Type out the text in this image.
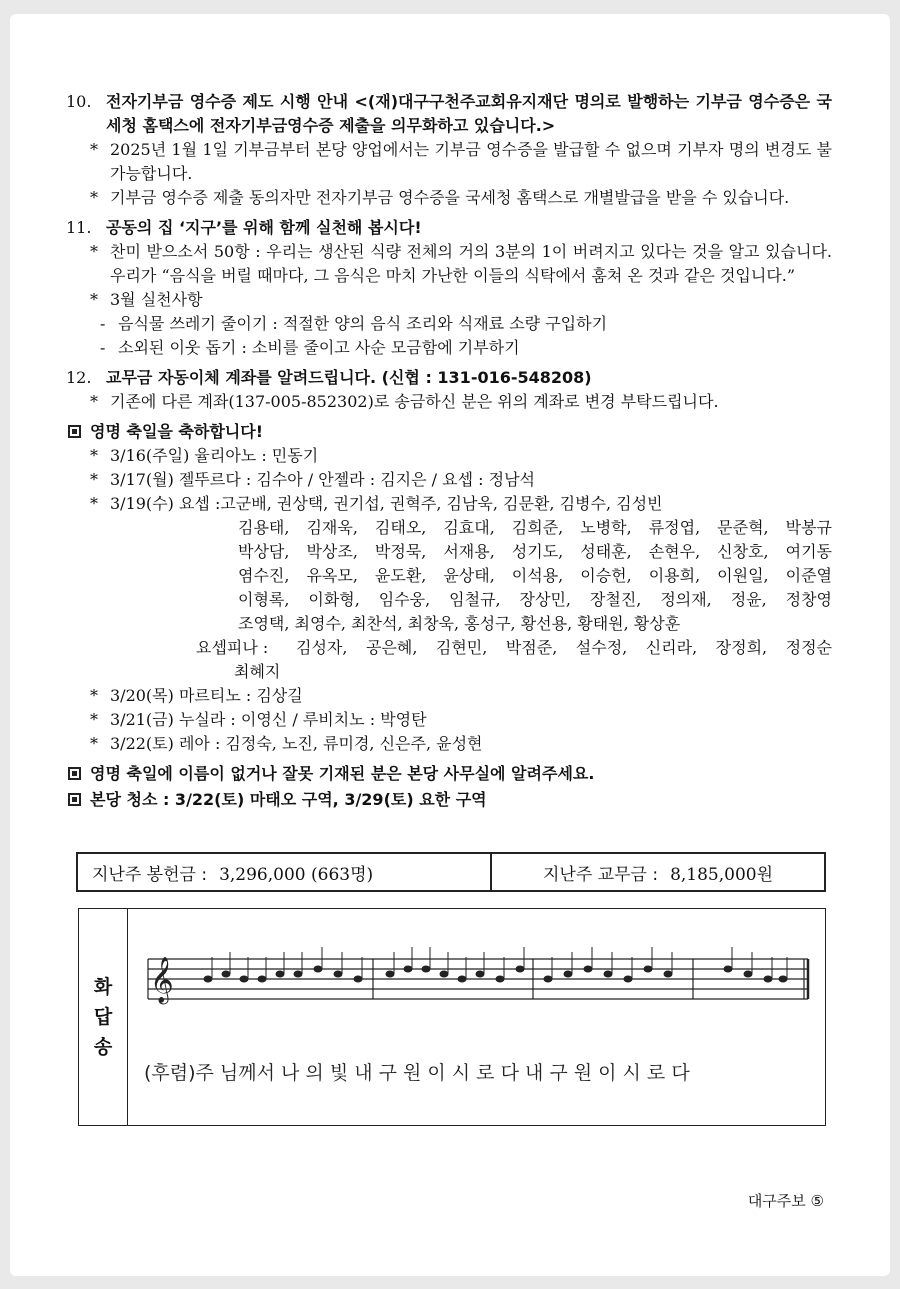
10. 전자기부금 영수증 제도 시행 안내 <(재)대구구천주교회유지재단 명의로 발행하는 기부금 영수증은 국세청 홈택스에 전자기부금영수증 제출을 의무화하고 있습니다.>
* 2025년 1월 1일 기부금부터 본당 양업에서는 기부금 영수증을 발급할 수 없으며 기부자 명의 변경도 불가능합니다.
* 기부금 영수증 제출 동의자만 전자기부금 영수증을 국세청 홈택스로 개별발급을 받을 수 있습니다.
11. 공동의 집 ‘지구’를 위해 함께 실천해 봅시다!
* 찬미 받으소서 50항 : 우리는 생산된 식량 전체의 거의 3분의 1이 버려지고 있다는 것을 알고 있습니다. 우리가 “음식을 버릴 때마다, 그 음식은 마치 가난한 이들의 식탁에서 훔쳐 온 것과 같은 것입니다.”
* 3월 실천사항
- 음식물 쓰레기 줄이기 : 적절한 양의 음식 조리와 식재료 소량 구입하기
- 소외된 이웃 돕기 : 소비를 줄이고 사순 모금함에 기부하기
12. 교무금 자동이체 계좌를 알려드립니다. (신협 : 131-016-548208)
* 기존에 다른 계좌(137-005-852302)로 송금하신 분은 위의 계좌로 변경 부탁드립니다.
영명 축일을 축하합니다!
* 3/16(주일) 율리아노 : 민동기
* 3/17(월) 젤뚜르다 : 김수아 / 안젤라 : 김지은 / 요셉 : 정남석
* 3/19(수) 요셉 : 고군배, 권상택, 권기섭, 권혁주, 김남욱, 김문환, 김병수, 김성빈
김용태, 김재욱, 김태오, 김효대, 김희준, 노병학, 류정엽, 문준혁, 박봉규
박상담, 박상조, 박정묵, 서재용, 성기도, 성태훈, 손현우, 신창호, 여기동
염수진, 유옥모, 윤도환, 윤상태, 이석용, 이승헌, 이용희, 이원일, 이준열
이형록, 이화형, 임수웅, 임철규, 장상민, 장철진, 정의재, 정윤, 정창영
조영택, 최영수, 최찬석, 최창욱, 홍성구, 황선용, 황태원, 황상훈
요셉피나 :	김성자, 공은혜, 김현민, 박점준, 설수정, 신리라, 장정희, 정정순
최혜지
* 3/20(목) 마르티노 : 김상길
* 3/21(금) 누실라 : 이영신 / 루비치노 : 박영탄
* 3/22(토) 레아 : 김정숙, 노진, 류미경, 신은주, 윤성현
영명 축일에 이름이 없거나 잘못 기재된 분은 본당 사무실에 알려주세요.
본당 청소 : 3/22(토) 마태오 구역, 3/29(토) 요한 구역
지난주 봉헌금 : 3,296,000 (663명)	지난주 교무금 : 8,185,000원
화
답
송
𝄞
(후렴)주 님께서 나 의 빛 내 구 원 이 시 로 다 내 구 원 이 시 로 다
대구주보 ⑤
